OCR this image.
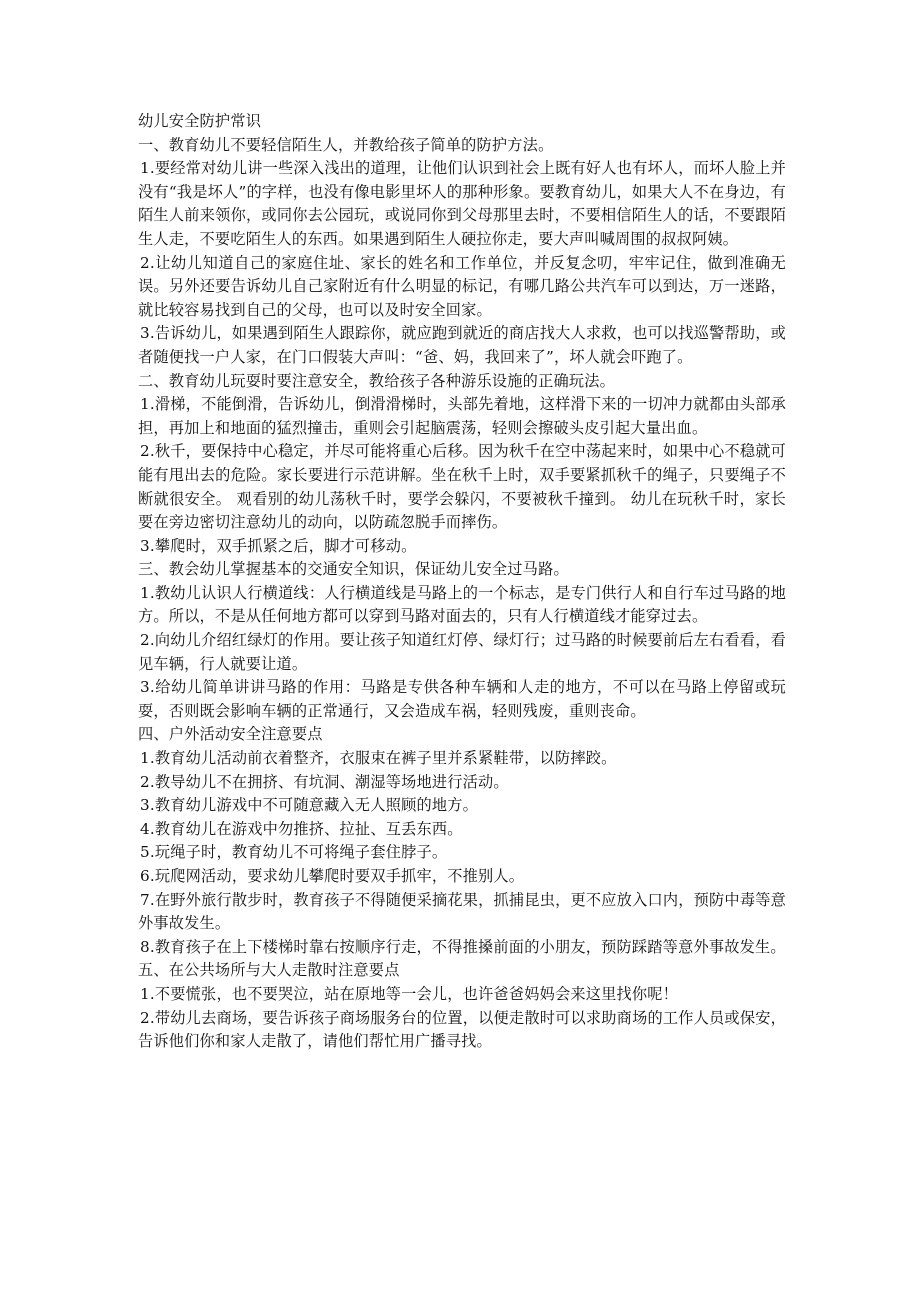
幼儿安全防护常识

一、教育幼儿不要轻信陌生人，并教给孩子简单的防护方法。

1.要经常对幼儿讲一些深入浅出的道理，让他们认识到社会上既有好人也有坏人，而坏人脸上并没有“我是坏人”的字样，也没有像电影里坏人的那种形象。要教育幼儿，如果大人不在身边，有陌生人前来领你，或同你去公园玩，或说同你到父母那里去时，不要相信陌生人的话，不要跟陌生人走，不要吃陌生人的东西。如果遇到陌生人硬拉你走，要大声叫喊周围的叔叔阿姨。

2.让幼儿知道自己的家庭住址、家长的姓名和工作单位，并反复念叨，牢牢记住，做到准确无误。另外还要告诉幼儿自己家附近有什么明显的标记，有哪几路公共汽车可以到达，万一迷路，就比较容易找到自己的父母，也可以及时安全回家。

3.告诉幼儿，如果遇到陌生人跟踪你，就应跑到就近的商店找大人求救，也可以找巡警帮助，或者随便找一户人家，在门口假装大声叫：“爸、妈，我回来了”，坏人就会吓跑了。

二、教育幼儿玩耍时要注意安全，教给孩子各种游乐设施的正确玩法。

1.滑梯，不能倒滑，告诉幼儿，倒滑滑梯时，头部先着地，这样滑下来的一切冲力就都由头部承担，再加上和地面的猛烈撞击，重则会引起脑震荡，轻则会擦破头皮引起大量出血。

2.秋千，要保持中心稳定，并尽可能将重心后移。因为秋千在空中荡起来时，如果中心不稳就可能有甩出去的危险。家长要进行示范讲解。坐在秋千上时，双手要紧抓秋千的绳子，只要绳子不断就很安全。 观看别的幼儿荡秋千时，要学会躲闪，不要被秋千撞到。 幼儿在玩秋千时，家长要在旁边密切注意幼儿的动向，以防疏忽脱手而摔伤。

3.攀爬时，双手抓紧之后，脚才可移动。

三、教会幼儿掌握基本的交通安全知识，保证幼儿安全过马路。

1.教幼儿认识人行横道线：人行横道线是马路上的一个标志，是专门供行人和自行车过马路的地方。所以，不是从任何地方都可以穿到马路对面去的，只有人行横道线才能穿过去。

2.向幼儿介绍红绿灯的作用。要让孩子知道红灯停、绿灯行；过马路的时候要前后左右看看，看见车辆，行人就要让道。

3.给幼儿简单讲讲马路的作用：马路是专供各种车辆和人走的地方，不可以在马路上停留或玩耍，否则既会影响车辆的正常通行，又会造成车祸，轻则残废，重则丧命。

四、户外活动安全注意要点

1.教育幼儿活动前衣着整齐，衣服束在裤子里并系紧鞋带，以防摔跤。

2.教导幼儿不在拥挤、有坑洞、潮湿等场地进行活动。

3.教育幼儿游戏中不可随意藏入无人照顾的地方。

4.教育幼儿在游戏中勿推挤、拉扯、互丢东西。

5.玩绳子时，教育幼儿不可将绳子套住脖子。

6.玩爬网活动，要求幼儿攀爬时要双手抓牢，不推别人。

7.在野外旅行散步时，教育孩子不得随便采摘花果，抓捕昆虫，更不应放入口内，预防中毒等意外事故发生。

8.教育孩子在上下楼梯时靠右按顺序行走，不得推搡前面的小朋友，预防踩踏等意外事故发生。

五、在公共场所与大人走散时注意要点

1.不要慌张，也不要哭泣，站在原地等一会儿，也许爸爸妈妈会来这里找你呢！

2.带幼儿去商场，要告诉孩子商场服务台的位置，以便走散时可以求助商场的工作人员或保安，告诉他们你和家人走散了，请他们帮忙用广播寻找。
